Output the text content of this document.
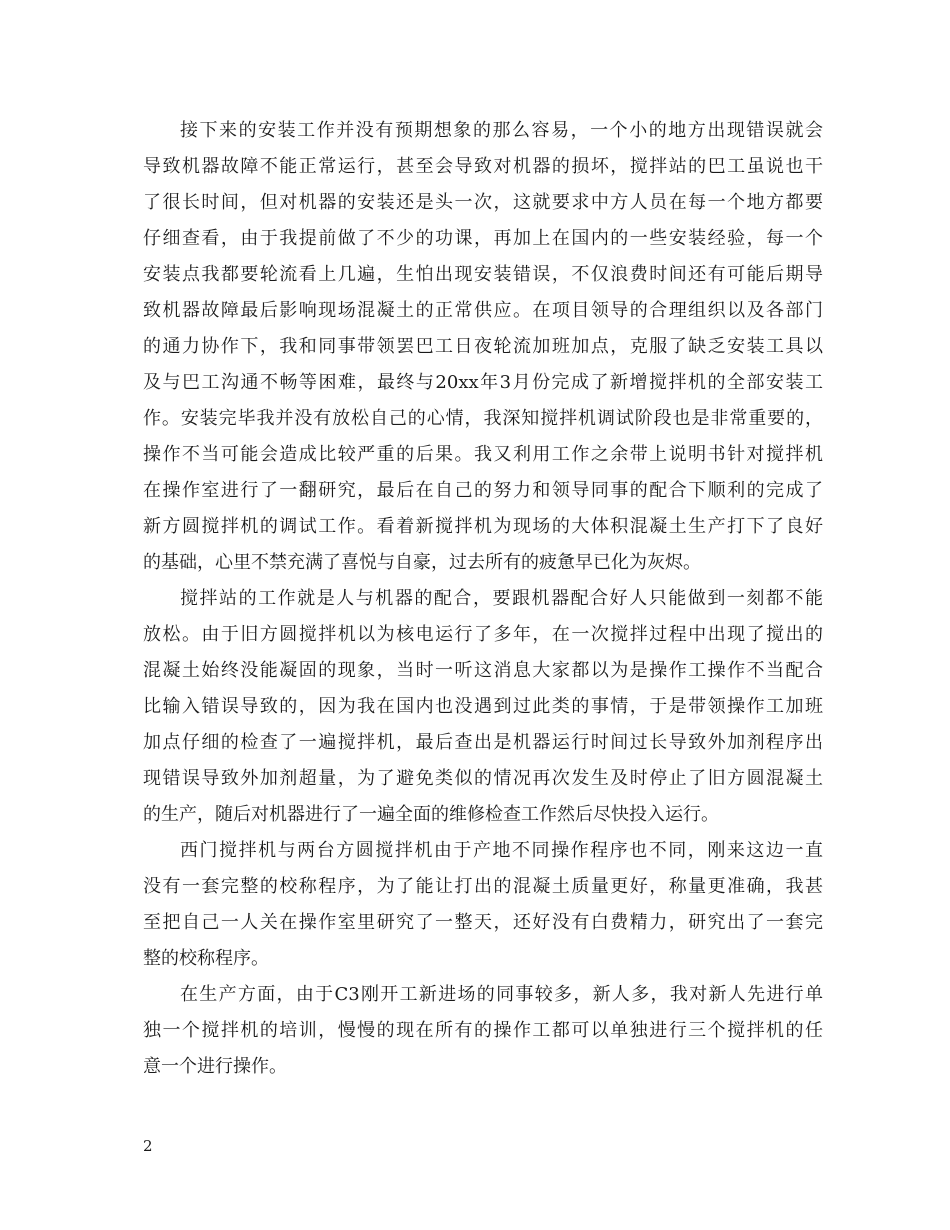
接下来的安装工作并没有预期想象的那么容易，一个小的地方出现错误就会
导致机器故障不能正常运行，甚至会导致对机器的损坏，搅拌站的巴工虽说也干
了很长时间，但对机器的安装还是头一次，这就要求中方人员在每一个地方都要
仔细查看，由于我提前做了不少的功课，再加上在国内的一些安装经验，每一个
安装点我都要轮流看上几遍，生怕出现安装错误，不仅浪费时间还有可能后期导
致机器故障最后影响现场混凝土的正常供应。在项目领导的合理组织以及各部门
的通力协作下，我和同事带领罢巴工日夜轮流加班加点，克服了缺乏安装工具以
及与巴工沟通不畅等困难，最终与20xx年3月份完成了新增搅拌机的全部安装工
作。安装完毕我并没有放松自己的心情，我深知搅拌机调试阶段也是非常重要的，
操作不当可能会造成比较严重的后果。我又利用工作之余带上说明书针对搅拌机
在操作室进行了一翻研究，最后在自己的努力和领导同事的配合下顺利的完成了
新方圆搅拌机的调试工作。看着新搅拌机为现场的大体积混凝土生产打下了良好
的基础，心里不禁充满了喜悦与自豪，过去所有的疲惫早已化为灰烬。
搅拌站的工作就是人与机器的配合，要跟机器配合好人只能做到一刻都不能
放松。由于旧方圆搅拌机以为核电运行了多年，在一次搅拌过程中出现了搅出的
混凝土始终没能凝固的现象，当时一听这消息大家都以为是操作工操作不当配合
比输入错误导致的，因为我在国内也没遇到过此类的事情，于是带领操作工加班
加点仔细的检查了一遍搅拌机，最后查出是机器运行时间过长导致外加剂程序出
现错误导致外加剂超量，为了避免类似的情况再次发生及时停止了旧方圆混凝土
的生产，随后对机器进行了一遍全面的维修检查工作然后尽快投入运行。
西门搅拌机与两台方圆搅拌机由于产地不同操作程序也不同，刚来这边一直
没有一套完整的校称程序，为了能让打出的混凝土质量更好，称量更准确，我甚
至把自己一人关在操作室里研究了一整天，还好没有白费精力，研究出了一套完
整的校称程序。
在生产方面，由于C3刚开工新进场的同事较多，新人多，我对新人先进行单
独一个搅拌机的培训，慢慢的现在所有的操作工都可以单独进行三个搅拌机的任
意一个进行操作。
2
